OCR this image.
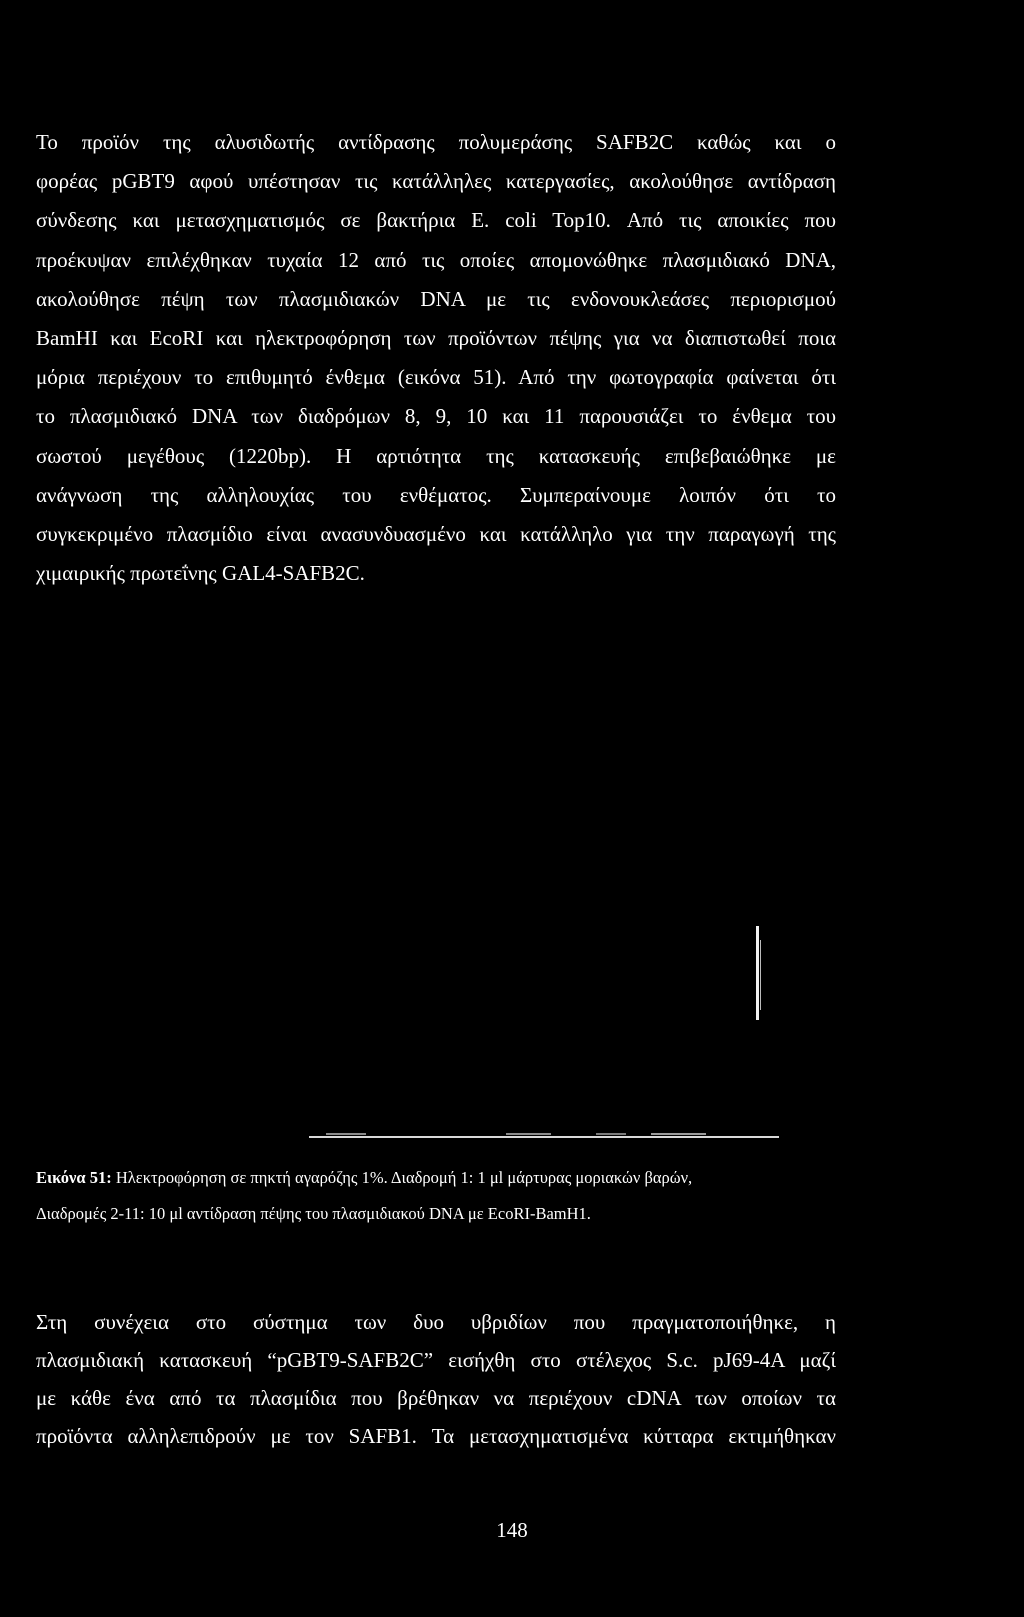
Το προϊόν της αλυσιδωτής αντίδρασης πολυμεράσης SAFB2C καθώς και ο
φορέας pGBT9 αφού υπέστησαν τις κατάλληλες κατεργασίες, ακολούθησε αντίδραση
σύνδεσης και μετασχηματισμός σε βακτήρια E. coli Top10. Από τις αποικίες που
προέκυψαν επιλέχθηκαν τυχαία 12 από τις οποίες απομονώθηκε πλασμιδιακό DNA,
ακολούθησε πέψη των πλασμιδιακών DNA με τις ενδονουκλεάσες περιορισμού
BamHI και EcoRI και ηλεκτροφόρηση των προϊόντων πέψης για να διαπιστωθεί ποια
μόρια περιέχουν το επιθυμητό ένθεμα (εικόνα 51). Από την φωτογραφία φαίνεται ότι
το πλασμιδιακό DNA των διαδρόμων 8, 9, 10 και 11 παρουσιάζει το ένθεμα του
σωστού μεγέθους (1220bp). Η αρτιότητα της κατασκευής επιβεβαιώθηκε με
ανάγνωση της αλληλουχίας του ενθέματος. Συμπεραίνουμε λοιπόν ότι το
συγκεκριμένο πλασμίδιο είναι ανασυνδυασμένο και κατάλληλο για την παραγωγή της
χιμαιρικής πρωτεΐνης GAL4-SAFB2C.
Εικόνα 51: Ηλεκτροφόρηση σε πηκτή αγαρόζης 1%. Διαδρομή 1: 1 μl μάρτυρας μοριακών βαρών,
Διαδρομές 2-11: 10 μl αντίδραση πέψης του πλασμιδιακού DNA με EcoRI-BamH1.
Στη συνέχεια στο σύστημα των δυο υβριδίων που πραγματοποιήθηκε, η
πλασμιδιακή κατασκευή “pGBT9-SAFB2C” εισήχθη στο στέλεχος S.c. pJ69-4A μαζί
με κάθε ένα από τα πλασμίδια που βρέθηκαν να περιέχουν cDNA των οποίων τα
προϊόντα αλληλεπιδρούν με τον SAFB1. Τα μετασχηματισμένα κύτταρα εκτιμήθηκαν
148
